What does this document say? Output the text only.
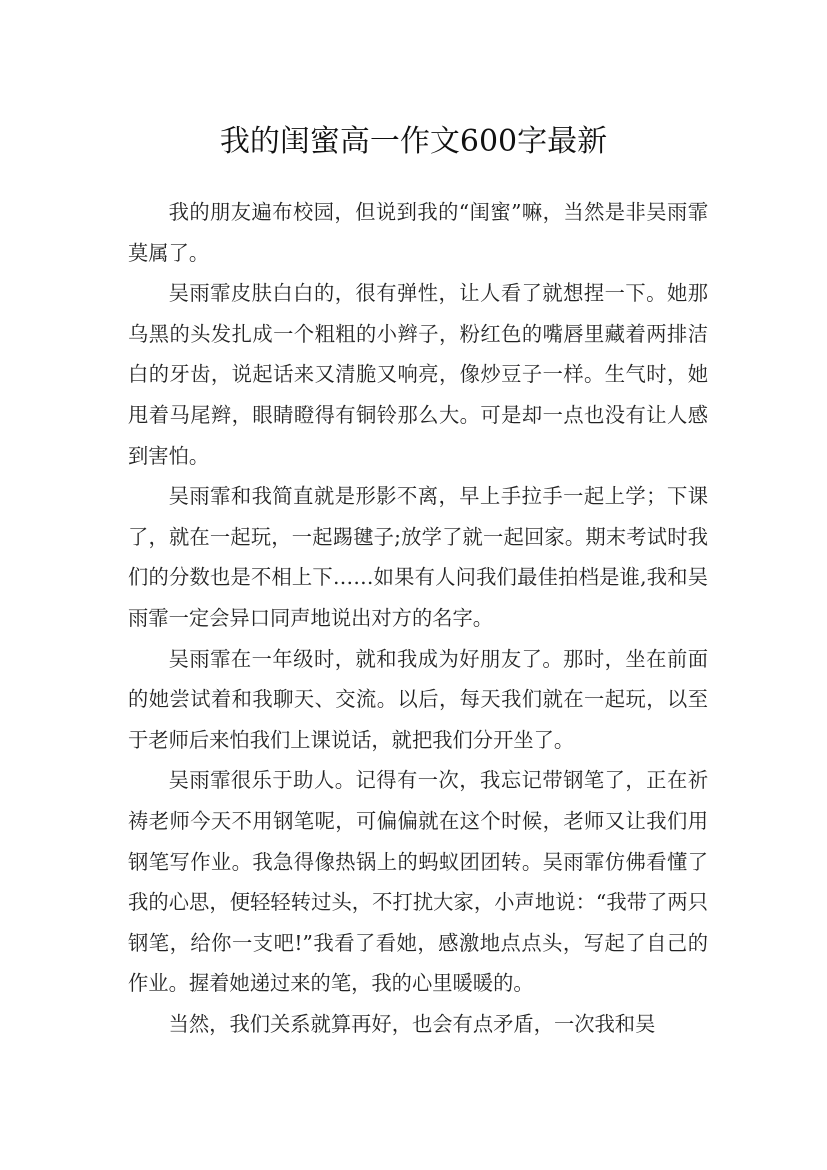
我的闺蜜高一作文600字最新

我的朋友遍布校园，但说到我的“闺蜜”嘛，当然是非吴雨霏莫属了。

吴雨霏皮肤白白的，很有弹性，让人看了就想捏一下。她那乌黑的头发扎成一个粗粗的小辫子，粉红色的嘴唇里藏着两排洁白的牙齿，说起话来又清脆又响亮，像炒豆子一样。生气时，她甩着马尾辫，眼睛瞪得有铜铃那么大。可是却一点也没有让人感到害怕。

吴雨霏和我简直就是形影不离，早上手拉手一起上学；下课了，就在一起玩，一起踢毽子;放学了就一起回家。期末考试时我们的分数也是不相上下……如果有人问我们最佳拍档是谁,我和吴雨霏一定会异口同声地说出对方的名字。

吴雨霏在一年级时，就和我成为好朋友了。那时，坐在前面的她尝试着和我聊天、交流。以后，每天我们就在一起玩，以至于老师后来怕我们上课说话，就把我们分开坐了。

吴雨霏很乐于助人。记得有一次，我忘记带钢笔了，正在祈祷老师今天不用钢笔呢，可偏偏就在这个时候，老师又让我们用钢笔写作业。我急得像热锅上的蚂蚁团团转。吴雨霏仿佛看懂了我的心思，便轻轻转过头，不打扰大家，小声地说：“我带了两只钢笔，给你一支吧!”我看了看她，感激地点点头，写起了自己的作业。握着她递过来的笔，我的心里暖暖的。

当然，我们关系就算再好，也会有点矛盾，一次我和吴
